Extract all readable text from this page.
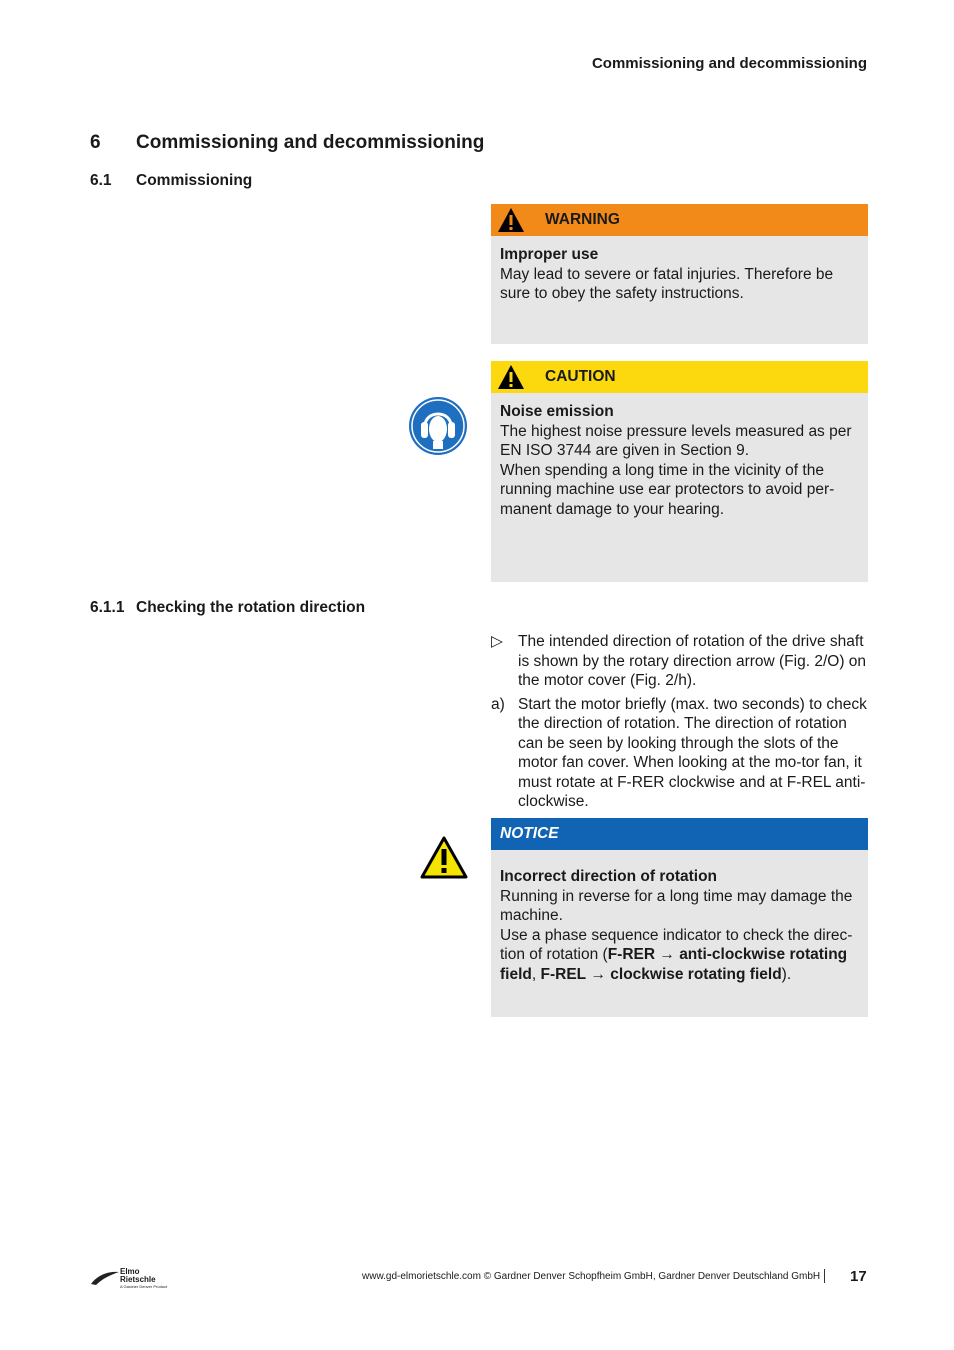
Commissioning and decommissioning
6 Commissioning and decommissioning
6.1 Commissioning
WARNING
Improper use
May lead to severe or fatal injuries. Therefore be sure to obey the safety instructions.
CAUTION
Noise emission
The highest noise pressure levels measured as per EN ISO 3744 are given in Section 9.
When spending a long time in the vicinity of the running machine use ear protectors to avoid per-manent damage to your hearing.
6.1.1 Checking the rotation direction
▷ The intended direction of rotation of the drive shaft is shown by the rotary direction arrow (Fig. 2/O) on the motor cover (Fig. 2/h).
a) Start the motor briefly (max. two seconds) to check the direction of rotation. The direction of rotation can be seen by looking through the slots of the motor fan cover. When looking at the mo-tor fan, it must rotate at F-RER clockwise and at F-REL anti-clockwise.
NOTICE
Incorrect direction of rotation
Running in reverse for a long time may damage the machine.
Use a phase sequence indicator to check the direc-tion of rotation (F-RER → anti-clockwise rotating field, F-REL → clockwise rotating field).
Elmo
Rietschle
A Gardner Denver Product
www.gd-elmorietschle.com © Gardner Denver Schopfheim GmbH, Gardner Denver Deutschland GmbH 17
